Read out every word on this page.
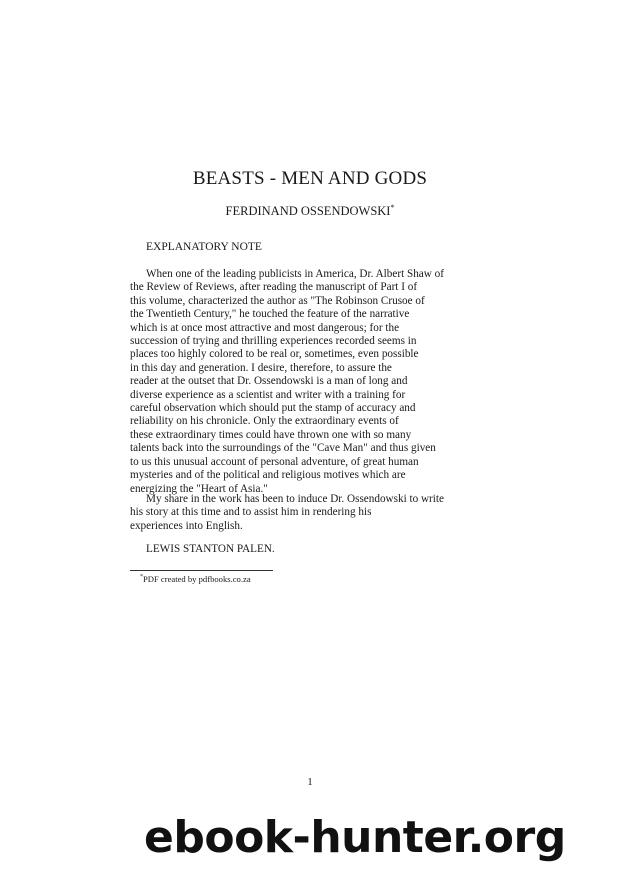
BEASTS - MEN AND GODS
FERDINAND OSSENDOWSKI*
EXPLANATORY NOTE
When one of the leading publicists in America, Dr. Albert Shaw of
the Review of Reviews, after reading the manuscript of Part I of
this volume, characterized the author as "The Robinson Crusoe of
the Twentieth Century," he touched the feature of the narrative
which is at once most attractive and most dangerous; for the
succession of trying and thrilling experiences recorded seems in
places too highly colored to be real or, sometimes, even possible
in this day and generation. I desire, therefore, to assure the
reader at the outset that Dr. Ossendowski is a man of long and
diverse experience as a scientist and writer with a training for
careful observation which should put the stamp of accuracy and
reliability on his chronicle. Only the extraordinary events of
these extraordinary times could have thrown one with so many
talents back into the surroundings of the "Cave Man" and thus given
to us this unusual account of personal adventure, of great human
mysteries and of the political and religious motives which are
energizing the "Heart of Asia."
My share in the work has been to induce Dr. Ossendowski to write
his story at this time and to assist him in rendering his
experiences into English.
LEWIS STANTON PALEN.
*PDF created by pdfbooks.co.za
1
ebook-hunter.org
